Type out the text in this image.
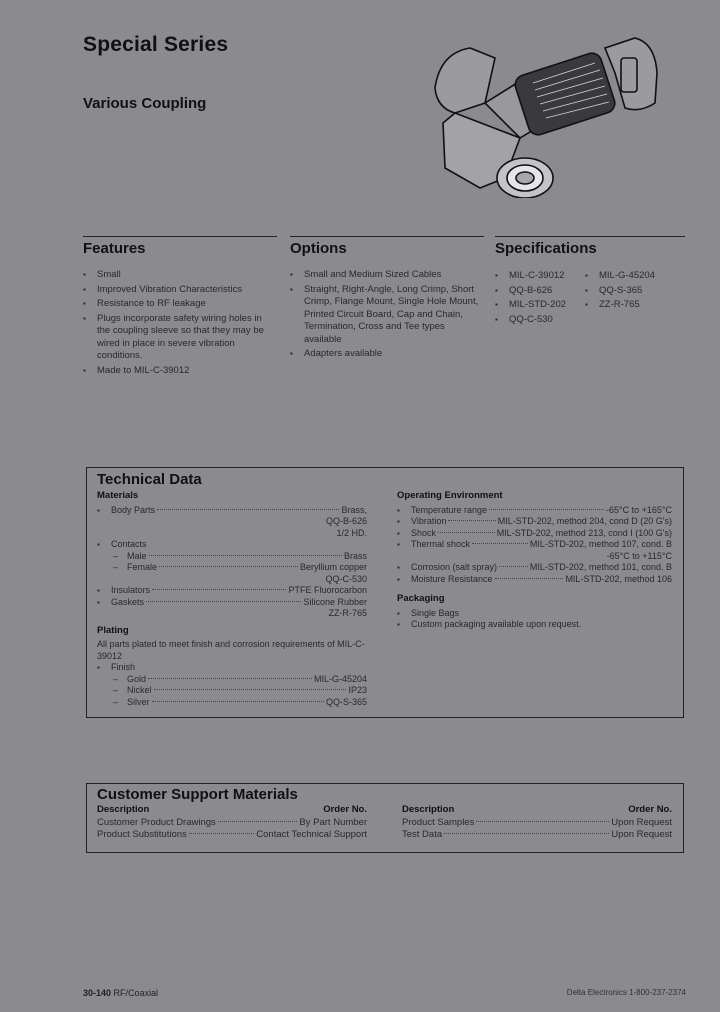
Special Series
Various Coupling
Features
▪ Small
▪ Improved Vibration Characteristics
▪ Resistance to RF leakage
▪ Plugs incorporate safety wiring holes in the coupling sleeve so that they may be wired in place in severe vibration conditions.
▪ Made to MIL-C-39012
Options
▪ Small and Medium Sized Cables
▪ Straight, Right-Angle, Long Crimp, Short Crimp, Flange Mount, Single Hole Mount, Printed Circuit Board, Cap and Chain, Termination, Cross and Tee types available
▪ Adapters available
Specifications
▪ MIL-C-39012	▪ MIL-G-45204
▪ QQ-B-626	▪ QQ-S-365
▪ MIL-STD-202	▪ ZZ-R-765
▪ QQ-C-530
Technical Data
Materials
▪ Body Parts	Brass,
QQ-B-626
1/2 HD.
▪ Contacts
– Male	Brass
– Female	Beryllium copper
QQ-C-530
▪ Insulators	PTFE Fluorocarbon
▪ Gaskets	Silicone Rubber
ZZ-R-765
Plating
All parts plated to meet finish and corrosion requirements of MIL-C-39012
▪ Finish
– Gold	MIL-G-45204
– Nickel	IP23
– Silver	QQ-S-365
Operating Environment
▪ Temperature range	-65°C to +165°C
▪ Vibration	MIL-STD-202, method 204, cond D (20 G's)
▪ Shock	MIL-STD-202, method 213, cond I (100 G's)
▪ Thermal shock	MIL-STD-202, method 107, cond. B
-65°C to +115°C
▪ Corrosion (salt spray)	MIL-STD-202, method 101, cond. B
▪ Moisture Resistance	MIL-STD-202, method 106
Packaging
▪ Single Bags
▪ Custom packaging available upon request.
Customer Support Materials
Description	Order No.
Customer Product Drawings	By Part Number
Product Substitutions	Contact Technical Support
Description	Order No.
Product Samples	Upon Request
Test Data	Upon Request
30-140 RF/Coaxial	Delta Electronics 1-800-237-2374
